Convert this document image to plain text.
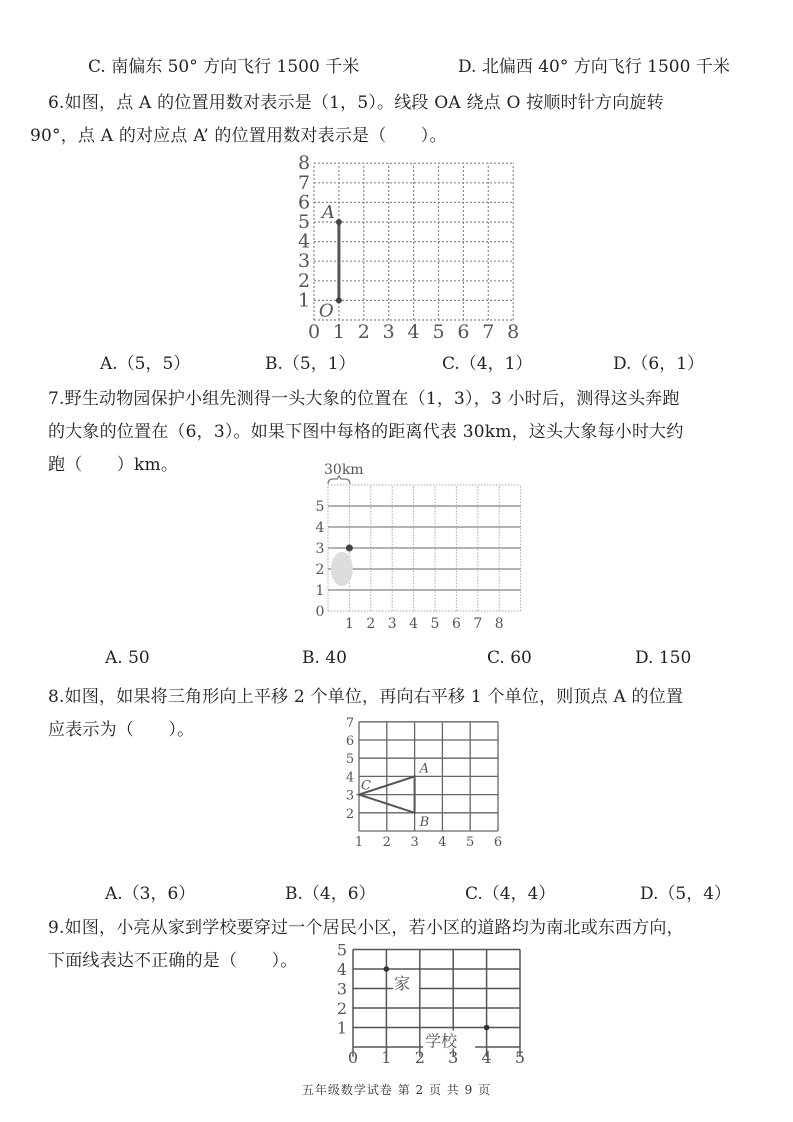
C. 南偏东 50° 方向飞行 1500 千米	D. 北偏西 40° 方向飞行 1500 千米
6.如图，点 A 的位置用数对表示是（1，5）。线段 OA 绕点 O 按顺时针方向旋转
90°，点 A 的对应点 A’ 的位置用数对表示是（　　）。
0 1 2 3 4 5 6 7 8
1
2
3
4
5
6
7
8
A
O
1 2 3 4 5 6 7 8
0
1
2
3
4
5
30km
1 2 3 4 5 6
2
3
4
5
6
7
A
B
C
0 1 2 3 4 5
1
2
3
4
5
家
学校
A.（5，5）	B.（5，1）	C.（4，1）	D.（6，1）
7.野生动物园保护小组先测得一头大象的位置在（1，3），3 小时后，测得这头奔跑
的大象的位置在（6，3）。如果下图中每格的距离代表 30km，这头大象每小时大约
跑（　　）km。
A. 50	B. 40	C. 60	D. 150
8.如图，如果将三角形向上平移 2 个单位，再向右平移 1 个单位，则顶点 A 的位置
应表示为（　　）。
A.（3，6）	B.（4，6）	C.（4，4）	D.（5，4）
9.如图，小亮从家到学校要穿过一个居民小区，若小区的道路均为南北或东西方向，
下面线表达不正确的是（　　）。
五年级数学试卷 第 2 页 共 9 页
